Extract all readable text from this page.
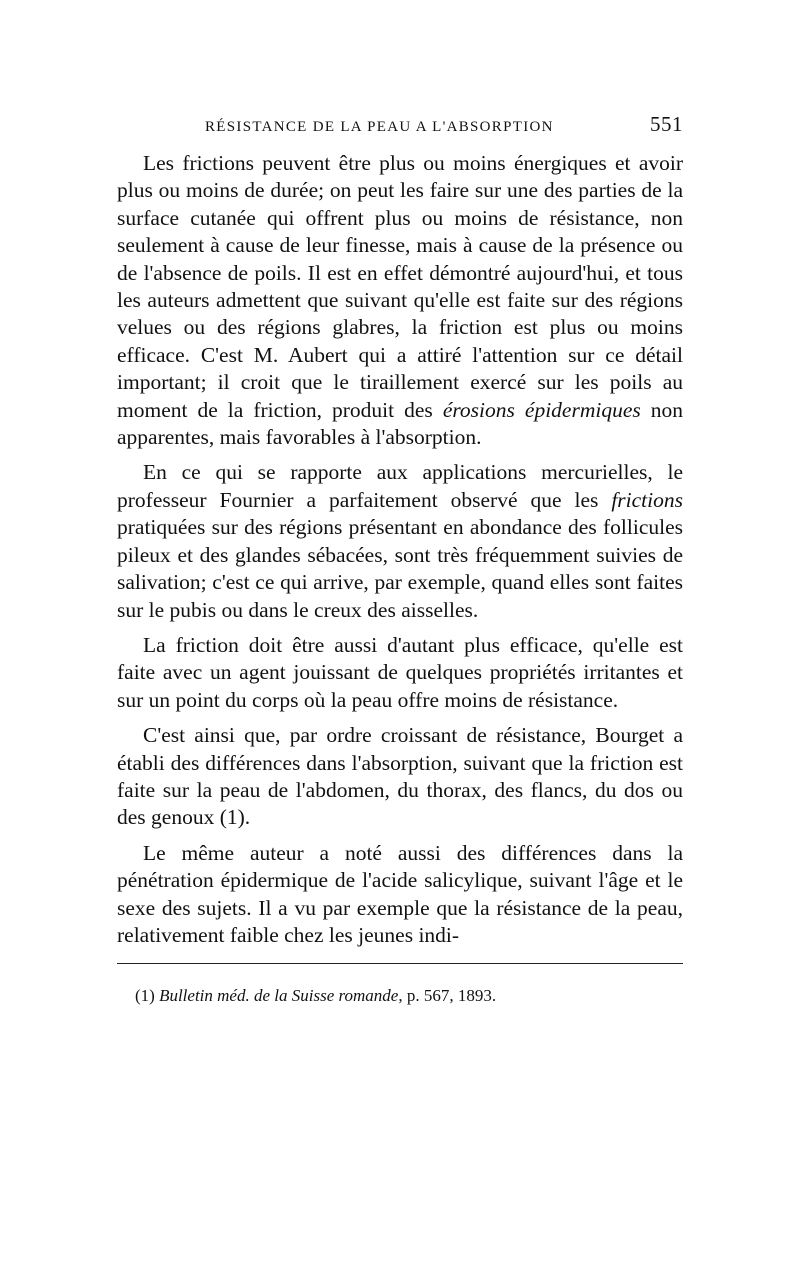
RÉSISTANCE DE LA PEAU A L'ABSORPTION	551

Les frictions peuvent être plus ou moins énergiques et avoir plus ou moins de durée; on peut les faire sur une des parties de la surface cutanée qui offrent plus ou moins de résistance, non seulement à cause de leur finesse, mais à cause de la présence ou de l'absence de poils. Il est en effet démontré aujourd'hui, et tous les auteurs admettent que suivant qu'elle est faite sur des régions velues ou des régions glabres, la friction est plus ou moins efficace. C'est M. Aubert qui a attiré l'attention sur ce détail important; il croit que le tiraillement exercé sur les poils au moment de la friction, produit des érosions épidermiques non apparentes, mais favorables à l'absorption.

En ce qui se rapporte aux applications mercurielles, le professeur Fournier a parfaitement observé que les frictions pratiquées sur des régions présentant en abondance des follicules pileux et des glandes sébacées, sont très fréquemment suivies de salivation; c'est ce qui arrive, par exemple, quand elles sont faites sur le pubis ou dans le creux des aisselles.

La friction doit être aussi d'autant plus efficace, qu'elle est faite avec un agent jouissant de quelques propriétés irritantes et sur un point du corps où la peau offre moins de résistance.

C'est ainsi que, par ordre croissant de résistance, Bourget a établi des différences dans l'absorption, suivant que la friction est faite sur la peau de l'abdomen, du thorax, des flancs, du dos ou des genoux (1).

Le même auteur a noté aussi des différences dans la pénétration épidermique de l'acide salicylique, suivant l'âge et le sexe des sujets. Il a vu par exemple que la résistance de la peau, relativement faible chez les jeunes indi-

(1) Bulletin méd. de la Suisse romande, p. 567, 1893.
